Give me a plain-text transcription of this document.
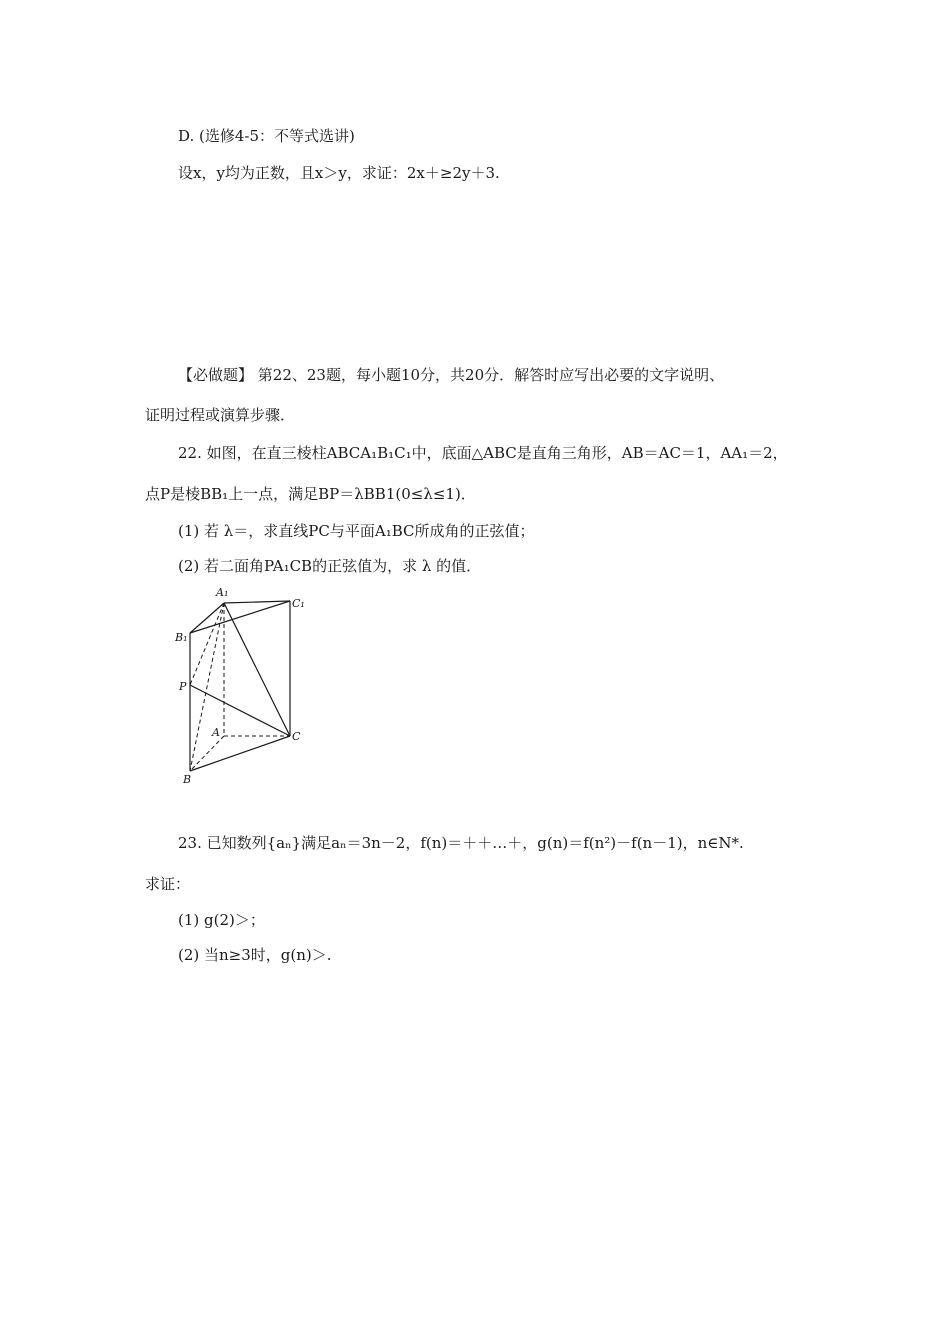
D. (选修4-5：不等式选讲)
设x，y均为正数，且x＞y，求证：2x＋≥2y＋3.
【必做题】 第22、23题，每小题10分，共20分．解答时应写出必要的文字说明、
证明过程或演算步骤．
22. 如图，在直三棱柱ABCA₁B₁C₁中，底面△ABC是直角三角形，AB＝AC＝1，AA₁＝2，
点P是棱BB₁上一点，满足BP＝λBB1(0≤λ≤1)．
(1) 若 λ＝，求直线PC与平面A₁BC所成角的正弦值；
(2) 若二面角PA₁CB的正弦值为，求 λ 的值．
A₁
C₁
B₁
P
A	C
B
23. 已知数列{aₙ}满足aₙ＝3n－2，f(n)＝＋＋…＋，g(n)＝f(n²)－f(n－1)，n∈N*.
求证：
(1) g(2)＞；
(2) 当n≥3时，g(n)＞.
